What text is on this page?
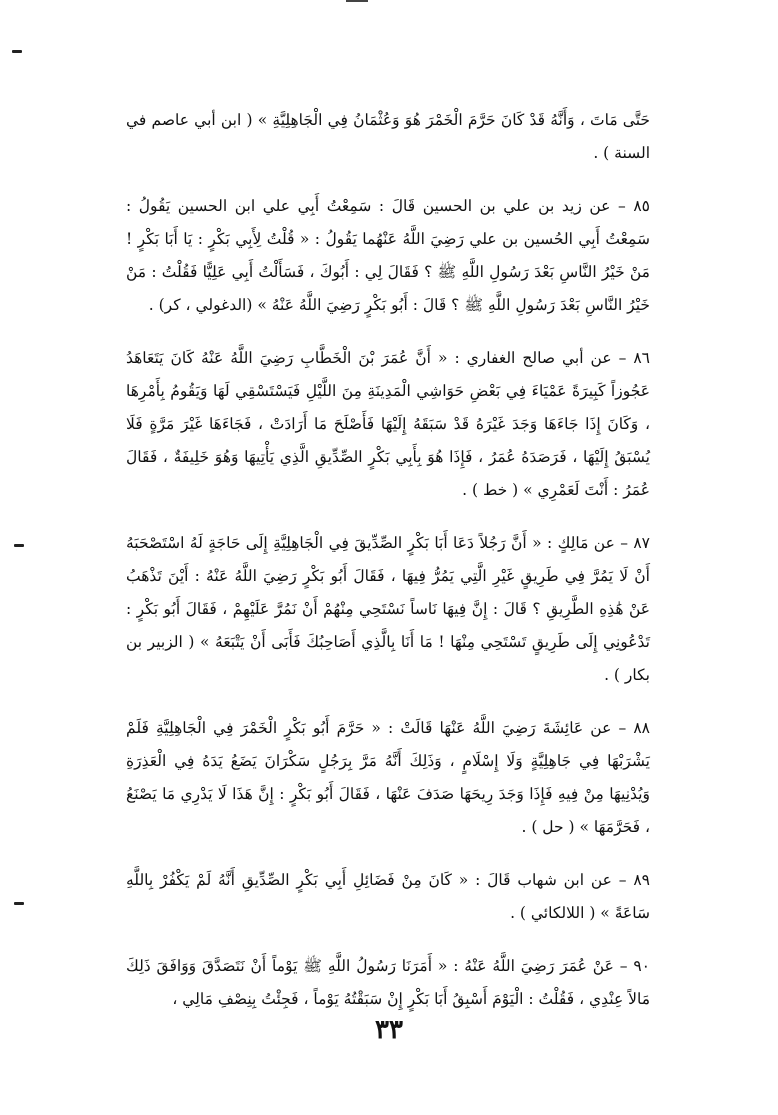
حَتَّى مَاتَ ، وَأَنَّهُ قَدْ كَانَ حَرَّمَ الْخَمْرَ هُوَ وَعُثْمَانُ فِي الْجَاهِلِيَّةِ » ( ابن أبي عاصم في السنة ) .

٨٥ – عن زيد بن علي بن الحسين قَالَ : سَمِعْتُ أَبِي علي ابن الحسين يَقُولُ : سَمِعْتُ أَبِي الحُسين بن علي رَضِيَ اللَّهُ عَنْهُما يَقُولُ : « قُلْتُ لِأَبِي بَكْرٍ : يَا أَبَا بَكْرٍ ! مَنْ خَيْرُ النَّاسِ بَعْدَ رَسُولِ اللَّهِ ﷺ ؟ فَقَالَ لِي : أَبُوكَ ، فَسَأَلْتُ أَبِي عَلِيًّا فَقُلْتُ : مَنْ خَيْرُ النَّاسِ بَعْدَ رَسُولِ اللَّهِ ﷺ ؟ قَالَ : أَبُو بَكْرٍ رَضِيَ اللَّهُ عَنْهُ » (الدغولي ، كر) .

٨٦ – عن أبي صالح الغفاري : « أَنَّ عُمَرَ بْنَ الْخَطَّابِ رَضِيَ اللَّهُ عَنْهُ كَانَ يَتَعَاهَدُ عَجُوزاً كَبِيرَةً عَمْيَاءَ فِي بَعْضِ حَوَاشِي الْمَدِينَةِ مِنَ اللَّيْلِ فَيَسْتَسْقِي لَهَا وَيَقُومُ بِأَمْرِهَا ، وَكَانَ إِذَا جَاءَهَا وَجَدَ غَيْرَهُ قَدْ سَبَقَهُ إِلَيْهَا فَأَصْلَحَ مَا أَرَادَتْ ، فَجَاءَهَا غَيْرَ مَرَّةٍ فَلَا يُسْبَقُ إِلَيْهَا ، فَرَصَدَهُ عُمَرُ ، فَإِذَا هُوَ بِأَبِي بَكْرٍ الصِّدِّيقِ الَّذِي يَأْتِيهَا وَهُوَ خَلِيفَةٌ ، فَقَالَ عُمَرُ : أَنْتَ لَعَمْرِي » ( خط ) .

٨٧ – عن مَالِكٍ : « أَنَّ رَجُلاً دَعَا أَبَا بَكْرٍ الصِّدِّيقَ فِي الْجَاهِلِيَّةِ إِلَى حَاجَةٍ لَهُ اسْتَصْحَبَهُ أَنْ لَا يَمُرَّ فِي طَرِيقٍ غَيْرِ الَّتِي يَمُرُّ فِيهَا ، فَقَالَ أَبُو بَكْرٍ رَضِيَ اللَّهُ عَنْهُ : أَيْنَ تَذْهَبُ عَنْ هَٰذِهِ الطَّرِيقِ ؟ قَالَ : إِنَّ فِيهَا نَاساً نَسْتَحِي مِنْهُمْ أَنْ نَمُرَّ عَلَيْهِمْ ، فَقَالَ أَبُو بَكْرٍ : تَدْعُونِي إِلَى طَرِيقٍ تَسْتَحِي مِنْهَا ! مَا أَنَا بِالَّذِي أَصَاحِبُكَ فَأَبَى أَنْ يَتْبَعَهُ » ( الزبير بن بكار ) .

٨٨ – عن عَائِشَةَ رَضِيَ اللَّهُ عَنْهَا قَالَتْ : « حَرَّمَ أَبُو بَكْرٍ الْخَمْرَ فِي الْجَاهِلِيَّةِ فَلَمْ يَشْرَبْهَا فِي جَاهِلِيَّةٍ وَلَا إِسْلَامٍ ، وَذَلِكَ أَنَّهُ مَرَّ بِرَجُلٍ سَكْرَانَ يَضَعُ يَدَهُ فِي الْعَذِرَةِ وَيُدْنِيهَا مِنْ فِيهِ فَإِذَا وَجَدَ رِيحَهَا صَدَفَ عَنْهَا ، فَقَالَ أَبُو بَكْرٍ : إِنَّ هَذَا لَا يَدْرِي مَا يَصْنَعُ ، فَحَرَّمَهَا » ( حل ) .

٨٩ – عن ابن شهاب قَالَ : « كَانَ مِنْ فَضَائِلِ أَبِي بَكْرٍ الصِّدِّيقِ أَنَّهُ لَمْ يَكْفُرْ بِاللَّهِ سَاعَةً » ( اللالكائي ) .

٩٠ – عَنْ عُمَرَ رَضِيَ اللَّهُ عَنْهُ : « أَمَرَنَا رَسُولُ اللَّهِ ﷺ يَوْماً أَنْ نَتَصَدَّقَ وَوَافَقَ ذَلِكَ مَالاً عِنْدِي ، فَقُلْتُ : الْيَوْمَ أَسْبِقُ أَبَا بَكْرٍ إِنْ سَبَقْتُهُ يَوْماً ، فَجِئْتُ بِنِصْفِ مَالِي ،

٣٣
